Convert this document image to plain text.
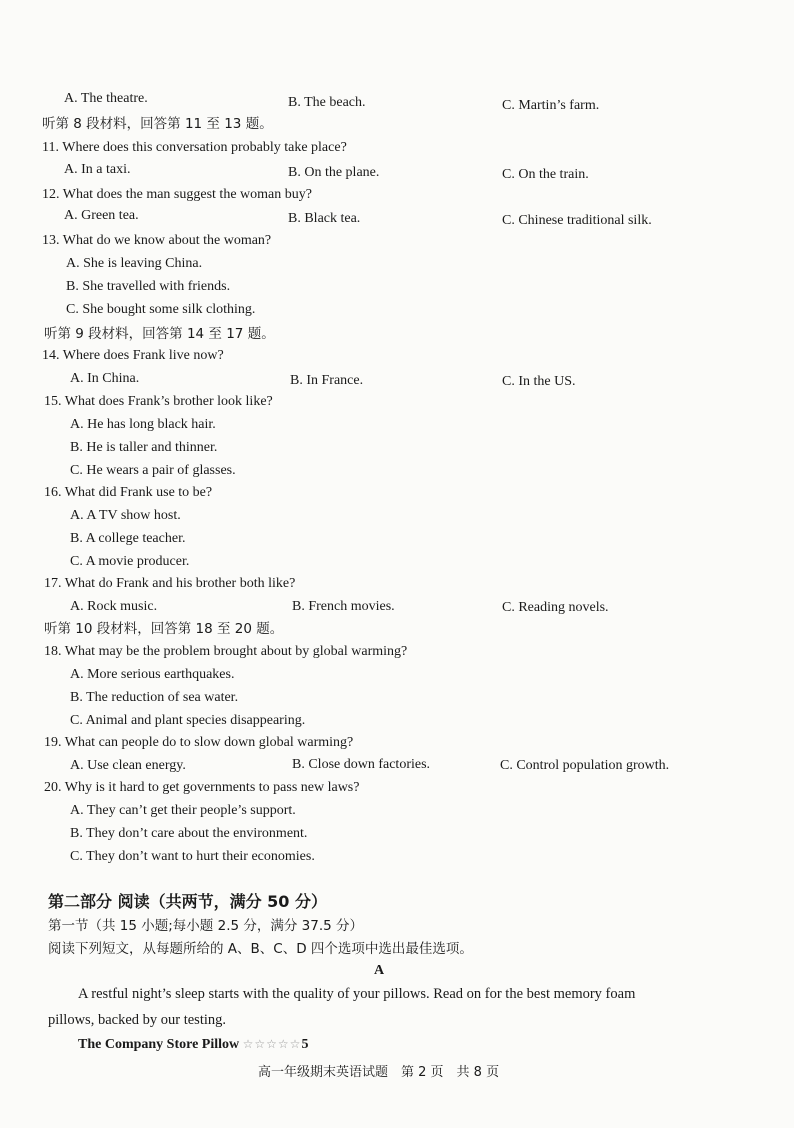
A. The theatre.	B. The beach.	C. Martin’s farm.
听第 8 段材料，回答第 11 至 13 题。
11. Where does this conversation probably take place?
A. In a taxi.	B. On the plane.	C. On the train.
12. What does the man suggest the woman buy?
A. Green tea.	B. Black tea.	C. Chinese traditional silk.
13. What do we know about the woman?
A. She is leaving China.
B. She travelled with friends.
C. She bought some silk clothing.
听第 9 段材料，回答第 14 至 17 题。
14. Where does Frank live now?
A. In China.	B. In France.	C. In the US.
15. What does Frank’s brother look like?
A. He has long black hair.
B. He is taller and thinner.
C. He wears a pair of glasses.
16. What did Frank use to be?
A. A TV show host.
B. A college teacher.
C. A movie producer.
17. What do Frank and his brother both like?
A. Rock music.	B. French movies.	C. Reading novels.
听第 10 段材料，回答第 18 至 20 题。
18. What may be the problem brought about by global warming?
A. More serious earthquakes.
B. The reduction of sea water.
C. Animal and plant species disappearing.
19. What can people do to slow down global warming?
A. Use clean energy.	B. Close down factories.	C. Control population growth.
20. Why is it hard to get governments to pass new laws?
A. They can’t get their people’s support.
B. They don’t care about the environment.
C. They don’t want to hurt their economies.
第二部分 阅读（共两节，满分 50 分）
第一节（共 15 小题;每小题 2.5 分，满分 37.5 分）
阅读下列短文，从每题所给的 A、B、C、D 四个选项中选出最佳选项。
A
A restful night’s sleep starts with the quality of your pillows. Read on for the best memory foam
pillows, backed by our testing.
The Company Store Pillow ☆☆☆☆☆5
高一年级期末英语试题　第 2 页　共 8 页
